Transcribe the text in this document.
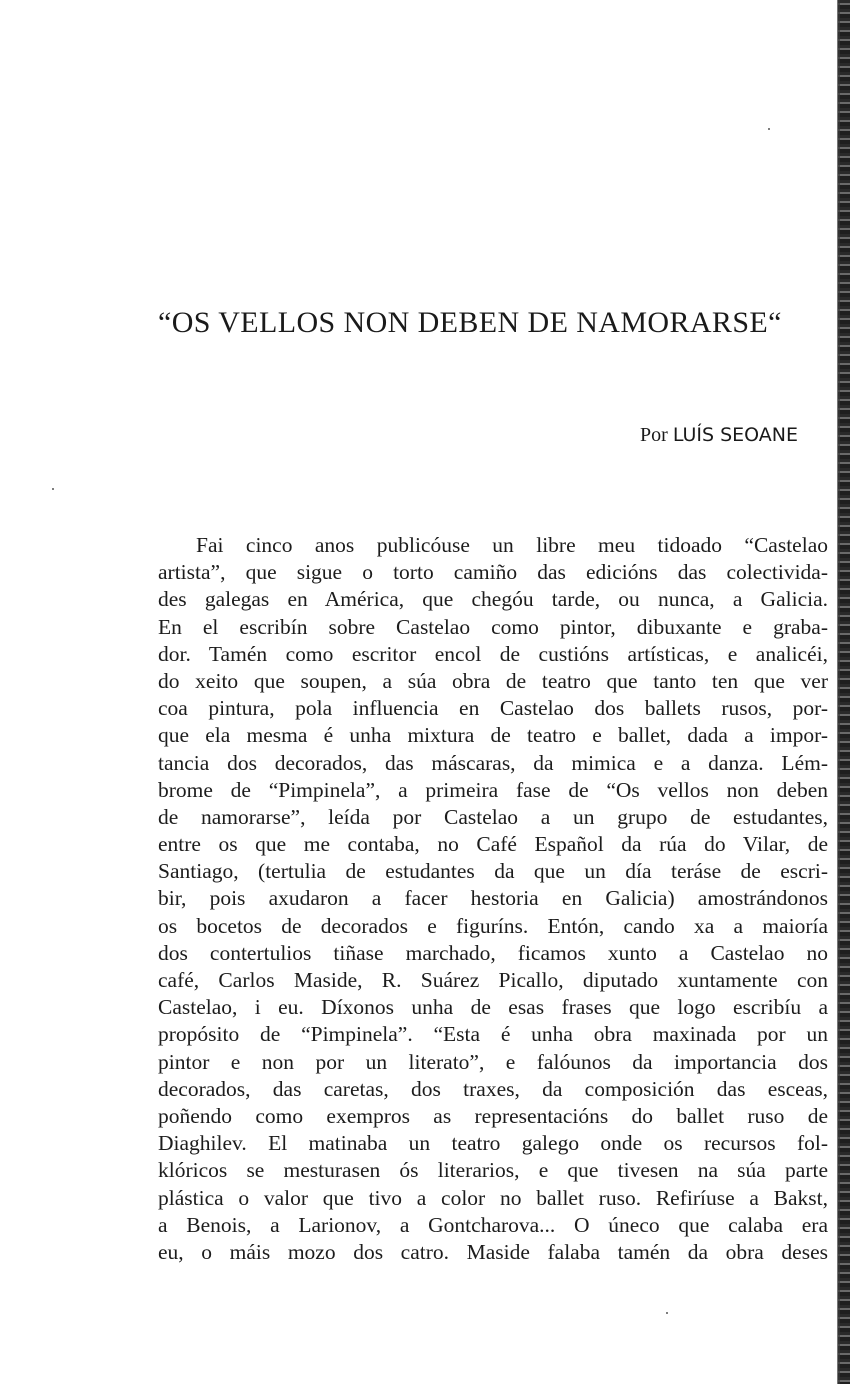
“OS VELLOS NON DEBEN DE NAMORARSE“
Por LUÍS SEOANE
Fai cinco anos publicóuse un libre meu tidoado “Castelao
artista”, que sigue o torto camiño das edicións das colectivida-
des galegas en América, que chegóu tarde, ou nunca, a Galicia.
En el escribín sobre Castelao como pintor, dibuxante e graba-
dor. Tamén como escritor encol de custións artísticas, e analicéi,
do xeito que soupen, a súa obra de teatro que tanto ten que ver
coa pintura, pola influencia en Castelao dos ballets rusos, por-
que ela mesma é unha mixtura de teatro e ballet, dada a impor-
tancia dos decorados, das máscaras, da mimica e a danza. Lém-
brome de “Pimpinela”, a primeira fase de “Os vellos non deben
de namorarse”, leída por Castelao a un grupo de estudantes,
entre os que me contaba, no Café Español da rúa do Vilar, de
Santiago, (tertulia de estudantes da que un día teráse de escri-
bir, pois axudaron a facer hestoria en Galicia) amostrándonos
os bocetos de decorados e figuríns. Entón, cando xa a maioría
dos contertulios tiñase marchado, ficamos xunto a Castelao no
café, Carlos Maside, R. Suárez Picallo, diputado xuntamente con
Castelao, i eu. Díxonos unha de esas frases que logo escribíu a
propósito de “Pimpinela”. “Esta é unha obra maxinada por un
pintor e non por un literato”, e falóunos da importancia dos
decorados, das caretas, dos traxes, da composición das esceas,
poñendo como exempros as representacións do ballet ruso de
Diaghilev. El matinaba un teatro galego onde os recursos fol-
klóricos se mesturasen ós literarios, e que tivesen na súa parte
plástica o valor que tivo a color no ballet ruso. Refiríuse a Bakst,
a Benois, a Larionov, a Gontcharova... O úneco que calaba era
eu, o máis mozo dos catro. Maside falaba tamén da obra deses
